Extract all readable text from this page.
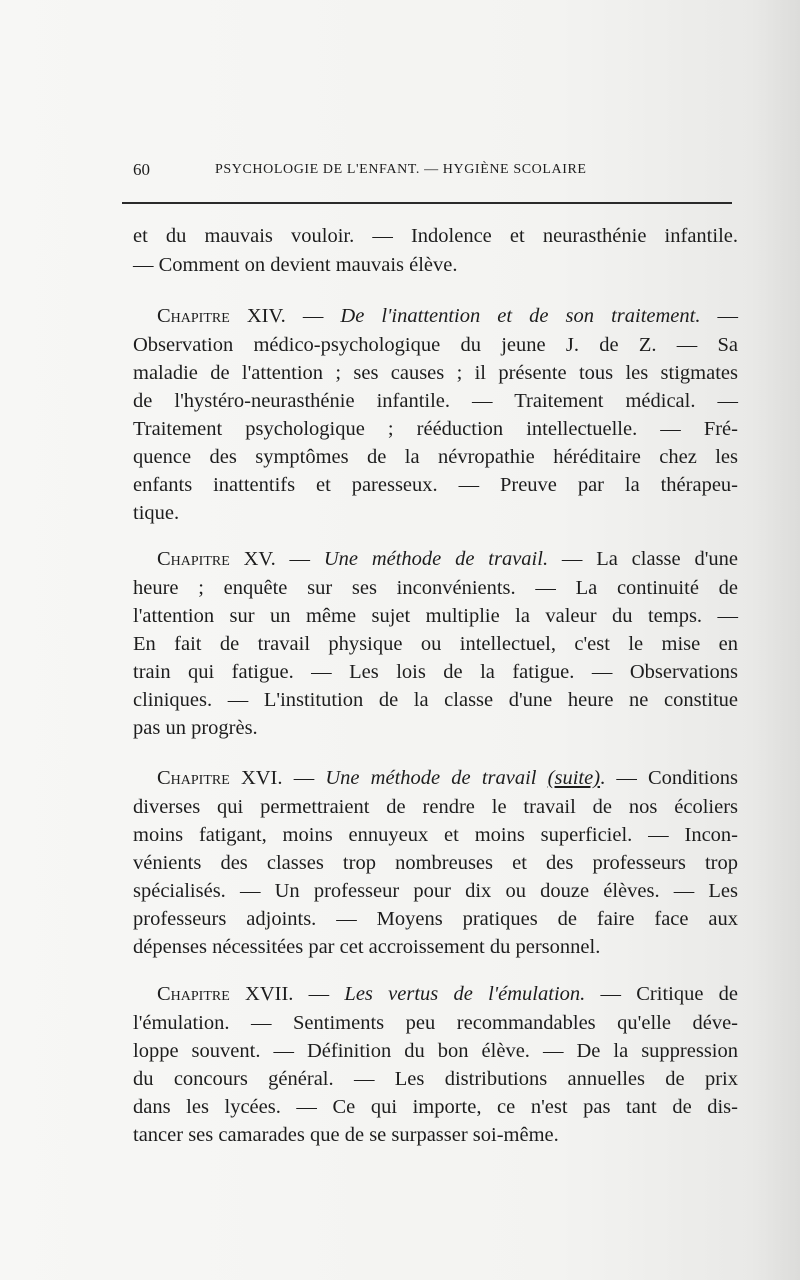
60	PSYCHOLOGIE DE L'ENFANT. — HYGIÈNE SCOLAIRE
et du mauvais vouloir. — Indolence et neurasthénie infantile.
— Comment on devient mauvais élève.
Chapitre XIV. — De l'inattention et de son traitement. —
Observation médico-psychologique du jeune J. de Z. — Sa
maladie de l'attention ; ses causes ; il présente tous les stigmates
de l'hystéro-neurasthénie infantile. — Traitement médical. —
Traitement psychologique ; rééduction intellectuelle. — Fré-
quence des symptômes de la névropathie héréditaire chez les
enfants inattentifs et paresseux. — Preuve par la thérapeu-
tique.
Chapitre XV. — Une méthode de travail. — La classe d'une
heure ; enquête sur ses inconvénients. — La continuité de
l'attention sur un même sujet multiplie la valeur du temps. —
En fait de travail physique ou intellectuel, c'est le mise en
train qui fatigue. — Les lois de la fatigue. — Observations
cliniques. — L'institution de la classe d'une heure ne constitue
pas un progrès.
Chapitre XVI. — Une méthode de travail (suite). — Conditions
diverses qui permettraient de rendre le travail de nos écoliers
moins fatigant, moins ennuyeux et moins superficiel. — Incon-
vénients des classes trop nombreuses et des professeurs trop
spécialisés. — Un professeur pour dix ou douze élèves. — Les
professeurs adjoints. — Moyens pratiques de faire face aux
dépenses nécessitées par cet accroissement du personnel.
Chapitre XVII. — Les vertus de l'émulation. — Critique de
l'émulation. — Sentiments peu recommandables qu'elle déve-
loppe souvent. — Définition du bon élève. — De la suppression
du concours général. — Les distributions annuelles de prix
dans les lycées. — Ce qui importe, ce n'est pas tant de dis-
tancer ses camarades que de se surpasser soi-même.
